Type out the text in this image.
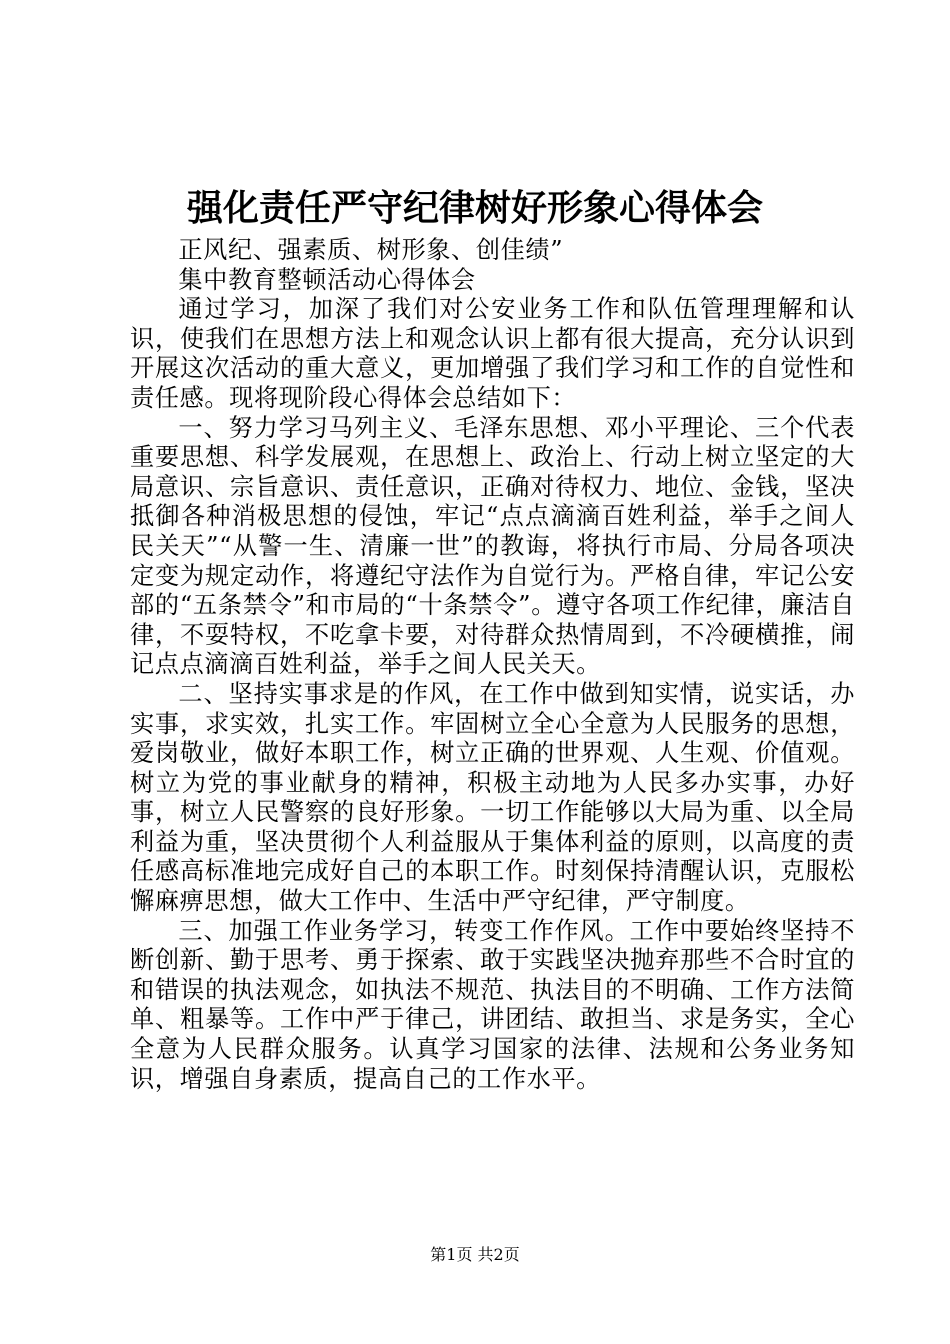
强化责任严守纪律树好形象心得体会

正风纪、强素质、树形象、创佳绩”

集中教育整顿活动心得体会

通过学习，加深了我们对公安业务工作和队伍管理理解和认识，使我们在思想方法上和观念认识上都有很大提高，充分认识到开展这次活动的重大意义，更加增强了我们学习和工作的自觉性和责任感。现将现阶段心得体会总结如下：

一、努力学习马列主义、毛泽东思想、邓小平理论、三个代表重要思想、科学发展观，在思想上、政治上、行动上树立坚定的大局意识、宗旨意识、责任意识，正确对待权力、地位、金钱，坚决抵御各种消极思想的侵蚀，牢记“点点滴滴百姓利益，举手之间人民关天”“从警一生、清廉一世”的教诲，将执行市局、分局各项决定变为规定动作，将遵纪守法作为自觉行为。严格自律，牢记公安部的“五条禁令”和市局的“十条禁令”。遵守各项工作纪律，廉洁自律，不耍特权，不吃拿卡要，对待群众热情周到，不冷硬横推，闹记点点滴滴百姓利益，举手之间人民关天。

二、坚持实事求是的作风，在工作中做到知实情，说实话，办实事，求实效，扎实工作。牢固树立全心全意为人民服务的思想，爱岗敬业，做好本职工作，树立正确的世界观、人生观、价值观。树立为党的事业献身的精神，积极主动地为人民多办实事，办好事，树立人民警察的良好形象。一切工作能够以大局为重、以全局利益为重，坚决贯彻个人利益服从于集体利益的原则，以高度的责任感高标准地完成好自己的本职工作。时刻保持清醒认识，克服松懈麻痹思想，做大工作中、生活中严守纪律，严守制度。

三、加强工作业务学习，转变工作作风。工作中要始终坚持不断创新、勤于思考、勇于探索、敢于实践坚决抛弃那些不合时宜的和错误的执法观念，如执法不规范、执法目的不明确、工作方法简单、粗暴等。工作中严于律己，讲团结、敢担当、求是务实，全心全意为人民群众服务。认真学习国家的法律、法规和公务业务知识，增强自身素质，提高自己的工作水平。

第1页 共2页
